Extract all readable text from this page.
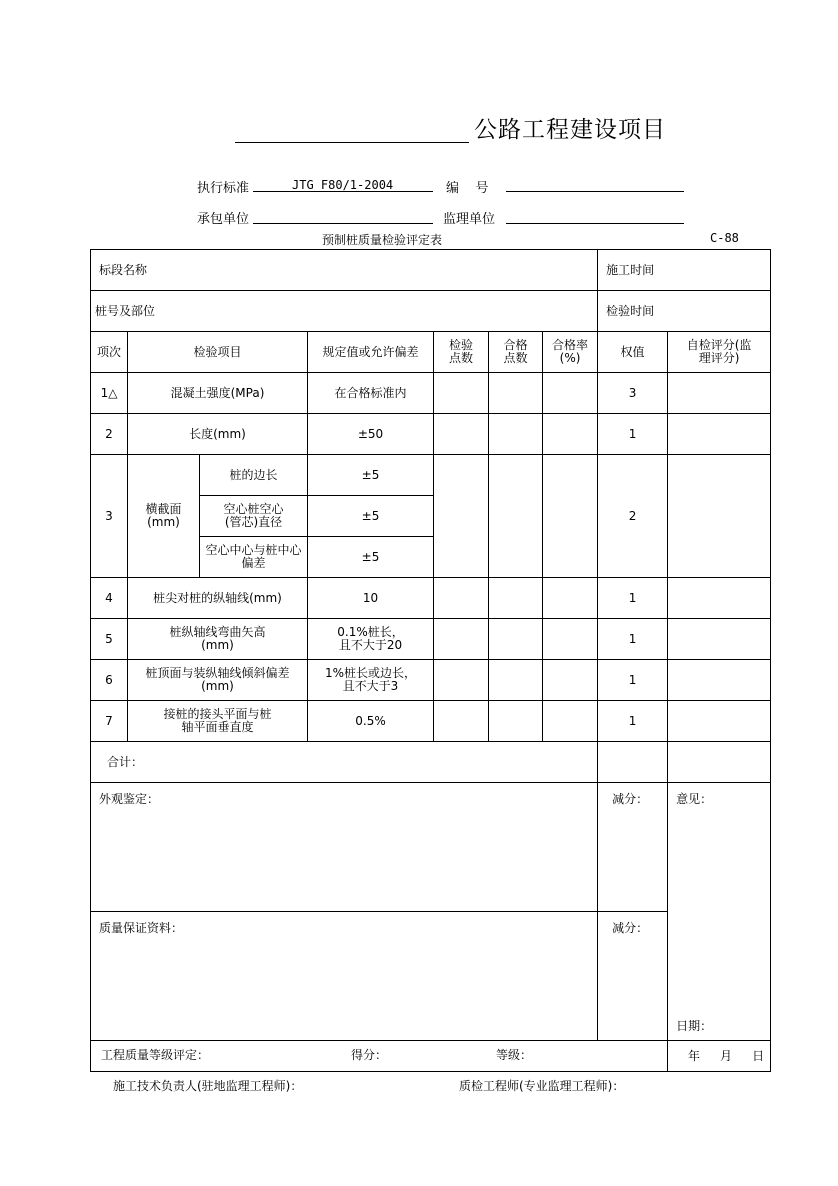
公路工程建设项目
执行标准	JTG F80/1-2004	编    号
承包单位	监理单位
预制桩质量检验评定表	C-88
标段名称							施工时间	
桩号及部位							检验时间	
项次	检验项目		规定值或允许偏差	检验点数	合格点数	合格率(%)	权值	自检评分(监理评分)

1△	混凝土强度(MPa)		在合格标准内				3	
2	长度(mm)		±50				1	
3	横截面(mm)	桩的边长	±5				2	

		空心桩空心(管芯)直径	±5					

		空心中心与桩中心偏差	±5					
4	桩尖对桩的纵轴线(mm)		10				1	
5	桩纵轴线弯曲矢高(mm)		0.1%桩长，且不大于20				1	
6	桩顶面与装纵轴线倾斜偏差(mm)		1%桩长或边长，且不大于3				1	
7	接桩的接头平面与桩轴平面垂直度		0.5%				1	
合计：								
外观鉴定：							减分：	意见：
日期：

质量保证资料：							减分：	

工程质量等级评定： 得分： 等级：								年 月 日
施工技术负责人(驻地监理工程师)：	质检工程师(专业监理工程师)：
